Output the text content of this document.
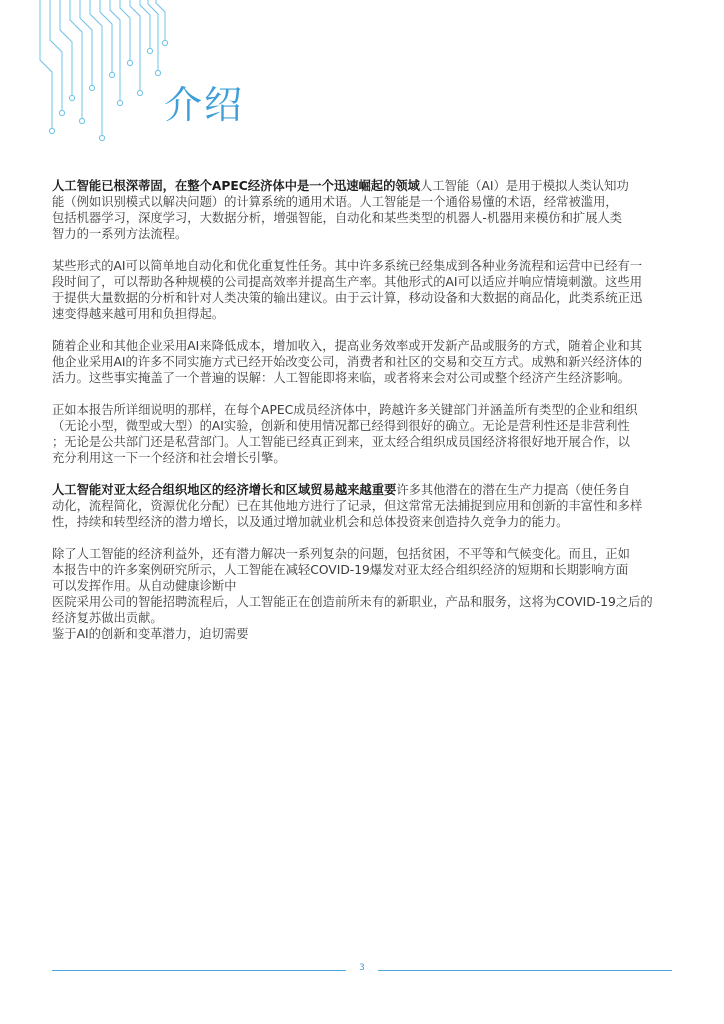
介绍

人工智能已根深蒂固，在整个APEC经济体中是一个迅速崛起的领域人工智能（AI）是用于模拟人类认知功
能（例如识别模式以解决问题）的计算系统的通用术语。人工智能是一个通俗易懂的术语，经常被滥用，
包括机器学习，深度学习，大数据分析，增强智能，自动化和某些类型的机器人-机器用来模仿和扩展人类
智力的一系列方法流程。

某些形式的AI可以简单地自动化和优化重复性任务。其中许多系统已经集成到各种业务流程和运营中已经有一
段时间了，可以帮助各种规模的公司提高效率并提高生产率。其他形式的AI可以适应并响应情境刺激。这些用
于提供大量数据的分析和针对人类决策的输出建议。由于云计算，移动设备和大数据的商品化，此类系统正迅
速变得越来越可用和负担得起。

随着企业和其他企业采用AI来降低成本，增加收入，提高业务效率或开发新产品或服务的方式，随着企业和其
他企业采用AI的许多不同实施方式已经开始改变公司，消费者和社区的交易和交互方式。成熟和新兴经济体的
活力。这些事实掩盖了一个普遍的误解：人工智能即将来临，或者将来会对公司或整个经济产生经济影响。

正如本报告所详细说明的那样，在每个APEC成员经济体中，跨越许多关键部门并涵盖所有类型的企业和组织
（无论小型，微型或大型）的AI实验，创新和使用情况都已经得到很好的确立。无论是营利性还是非营利性
；无论是公共部门还是私营部门。人工智能已经真正到来，亚太经合组织成员国经济将很好地开展合作，以
充分利用这一下一个经济和社会增长引擎。

人工智能对亚太经合组织地区的经济增长和区域贸易越来越重要许多其他潜在的潜在生产力提高（使任务自
动化，流程简化，资源优化分配）已在其他地方进行了记录，但这常常无法捕捉到应用和创新的丰富性和多样
性，持续和转型经济的潜力增长，以及通过增加就业机会和总体投资来创造持久竞争力的能力。

除了人工智能的经济利益外，还有潜力解决一系列复杂的问题，包括贫困，不平等和气候变化。而且，正如
本报告中的许多案例研究所示，人工智能在减轻COVID-19爆发对亚太经合组织经济的短期和长期影响方面
可以发挥作用。从自动健康诊断中
医院采用公司的智能招聘流程后，人工智能正在创造前所未有的新职业，产品和服务，这将为COVID-19之后的
经济复苏做出贡献。
鉴于AI的创新和变革潜力，迫切需要

3
